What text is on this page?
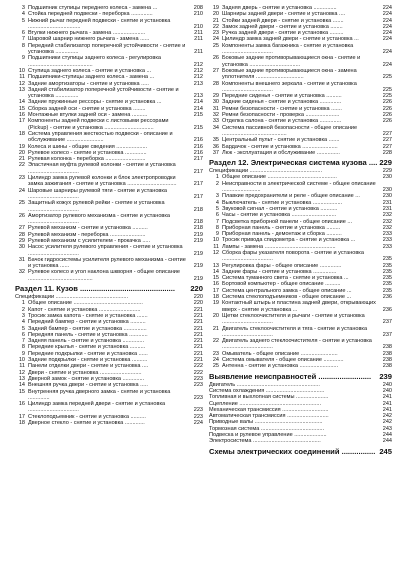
3 Подшипник ступицы переднего колеса - замена ...	208
4 Стойка передней подвески - переборка ..............	210
5 Нижний рычаг передней подвески - снятие и установка ..................................	210
6 Втулки нижнего рычага - замена .....................	211
7 Шаровой шарнир нижнего рычага - замена ......	211
8 Передний стабилизатор поперечной устойчивости - снятие и установка ...............	211
9 Подшипники ступицы заднего колеса - регулировка ..........................................	212
10 Ступица заднего колеса - снятие и установка ...	212
11 Подшипники-ступицы заднего колеса - замена ...	212
12 Задние амортизаторы - снятие и установка .....	213
13 Задний стабилизатор поперечной устойчивости - снятие и установка ...............	213
14 Задние пружинные рессоры - снятие и установка ...	214
15 Сборка задней оси - снятие и установка ........	214
16 Монтажные втулки задней оси - замена ..........	215
17 Компоненты задней подвески с листовыми рессорами (Pickup) - снятие и установка ................................	215
18 Система управления жесткостью подвески - описание и обслуживание ........................	216
19 Колеса и шины - общие сведения ....................	216
20 Рулевое колесо - снятие и установка ..............	216
21 Рулевая колонка - переборка ..........................	217
22 Эластичная муфта рулевой колонки - снятие и установка .................................	217
23 Цилиндр замка рулевой колонки и блок электропроводки замка зажигания - снятие и установка ................................	217
24 Шаровые шарниры рулевой тяги - снятие и установка .................................	217
25 Защитный кожух рулевой рейки - снятие и установка .................................	218
26 Амортизатор рулевого механизма - снятие и установка .................................	218
27 Рулевой механизм - снятие и установка ..........	218
28 Рулевой механизм - переборка .......................	219
29 Рулевой механизм с усилителем - прокачка .....	219
30 Насос усилителя рулевого управления - снятие и установка .................................	219
31 Бачок гидросистемы усилителя рулевого механизма - снятие и установка ......	219
32 Рулевое колесо и угол наклона шкворня - общее описание ..........................................	219
Раздел 11. Кузов .............................................	220
Спецификации ...............................................	220
1 Общее описание .............................................	220
2 Капот - снятие и установка ...........................	221
3 Тросик замка капота - снятие и установка .......	221
4 Передний бампер - снятие и установка ..........	221
5 Задний бампер - снятие и установка ...............	221
6 Передняя панель - снятие и установка ............	221
7 Задняя панель - снятие и установка ..............	221
8 Передние крылья - снятие и установка ..........	221
9 Передние подкрылки - снятие и установка ......	221
10 Задние подкрылки - снятие и установка ..........	221
11 Панели отделки двери - снятие и установка ....	222
12 Двери - снятие и установка ...........................	222
13 Дверной замок - снятие и установка ..............	223
14 Внешняя ручка двери - снятие и установка .....	223
15 Внутренняя ручка дверного замка - снятие и установка ..............	223
16 Цилиндр замка передней двери - снятие и установка .................................	223
17 Стеклоподъемник - снятие и установка ..........	223
18 Дверное стекло - снятие и установка .............	224
19 Задняя дверь - снятие и установка ...............	224
20 Шарниры задней двери - снятие и установка ....	224
21 Стойки задней двери - снятие и установка .......	224
22 Замок задней двери - снятие и установка ........	224
23 Ручка задней двери - снятие и установка .........	224
24 Цилиндр замка задней двери - снятие и установка ...	224
25 Компоненты замка багажника - снятие и установка .................................	224
26 Боковые задние противорывающиеся окна - снятие и установка .................................	224
27 Боковые задние противорывающиеся окна - замена уплотнителя ...............................	225
28 Компоненты внешнего зеркала - снятие и установка .................................	225
29 Передние сиденья - снятие и установка ..........	225
30 Задние сиденья - снятие и установка ..............	226
31 Ремни безопасности - снятие и установка .......	226
32 Ремни безопасности - проверка ......................	226
33 Отделка салона - снятие и установка ..............	226
34 Система пассивной безопасности - общее описание ..........................................	227
35 Центральный пульт - снятие и установка .......	227
36 Бардачок - снятие и установка .......................	227
37 Люк - эксплуатация и обслуживание ...............	228
Раздел 12. Электрическая система кузова .... 229
Спецификации ...............................................	229
1 Общее описание .............................................	230
2 Неисправности в электрической системе - общее описание .........................	230
3 Плавкие предохранители и реле - общее описание ...	230
4 Выключатель - снятие и установка ...................	231
5 Звуковой сигнал - снятие и установка ...........	231
6 Часы - снятие и установка .............................	232
7 Подсветка приборной панели - общее описание ...	232
8 Приборная панель - снятие и установка .........	232
9 Приборная панель - демонтаж и сборка ..........	233
10 Тросик привода спидометра - снятие и установка ...	233
11 Лампы - замена ..............................................	233
12 Сборка фары указателя поворота - снятие и установка .................................	235
13 Регулировка фары - общее описание ..............	235
14 Задние фары - снятие и установка ...............	235
15 Система туманного света - снятие и установка ...	235
16 Бортовой компьютер - общее описание ..........	235
17 Система центрального замка - общее описание ...	235
18 Система стеклоподъемников - общее описание ...	236
19 Контактный штырь и пластина задней двери, открывающих вверх - снятие и установка ...	236
20 Щетки стеклоочистителя и рычаги - снятие и установка .................................	237
21 Двигатель стеклоочистителя и тяга - снятие и установка .................................	237
22 Двигатель заднего стеклоочистителя - снятие и установка .................................	238
23 Омыватель - общее описание ........................	238
24 Система омывателя - общее описание .............	238
25 Антенна - снятие и установка .........................	238
Выявление неисправностей .........................	239
Двигатель ......................................................	240
Система охлаждения ......................................	240
Топливная и выхлопная системы .....................	241
Сцепление .....................................................	241
Механическая трансмиссия ..............................	241
Автоматическая трансмиссия ...........................	242
Приводные валы ............................................	242
Тормозная система .........................................	243
Подвеска и рулевое управление .....................	244
Электросистема ............................................	244
Схемы электрических соединений ................ 245
